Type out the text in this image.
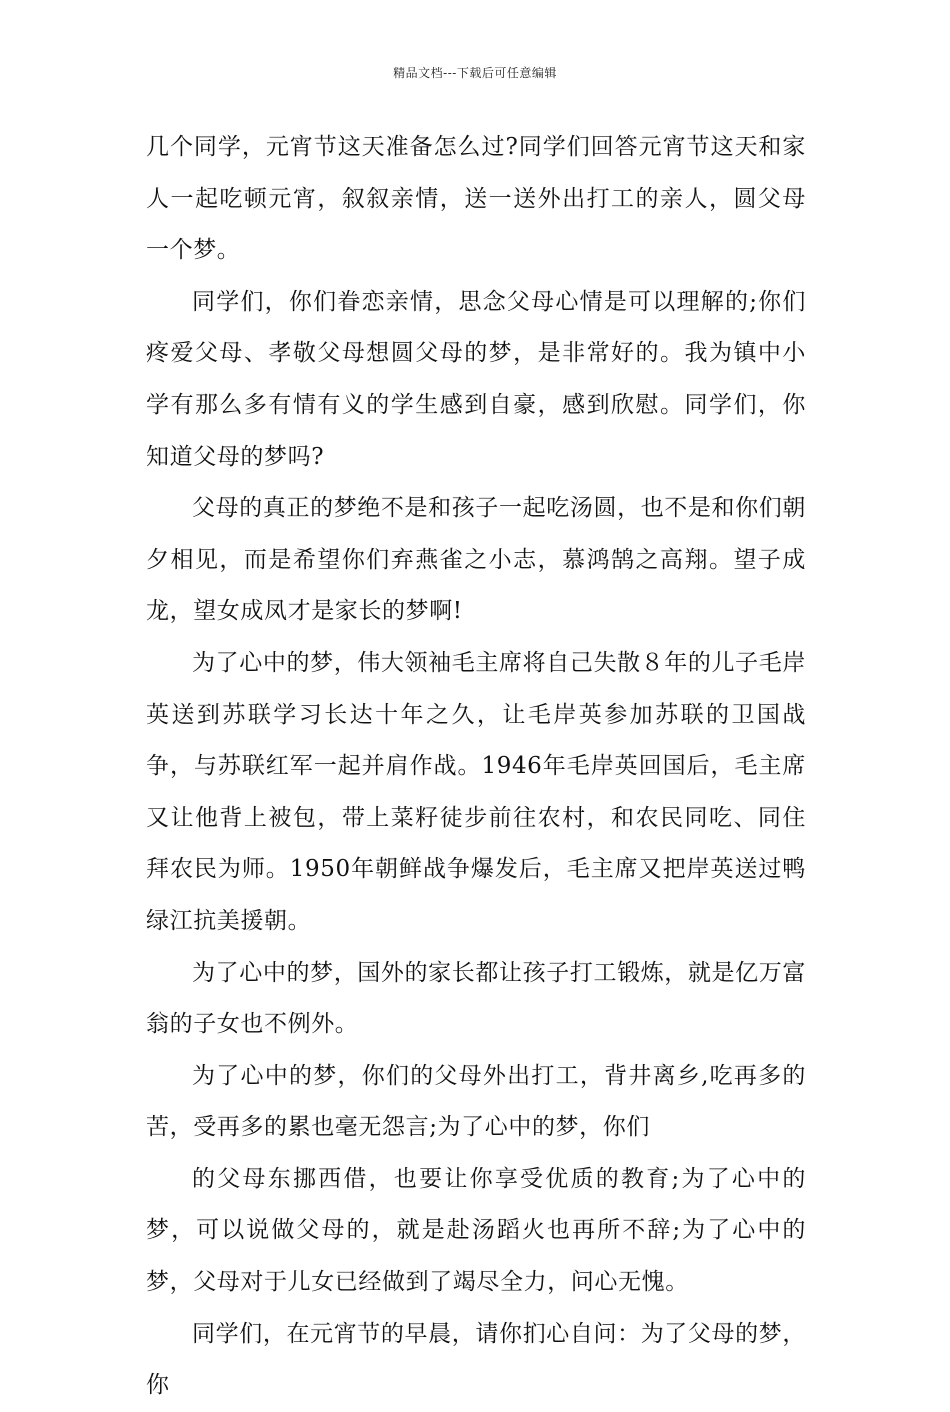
精品文档---下载后可任意编辑

几个同学，元宵节这天准备怎么过?同学们回答元宵节这天和家人一起吃顿元宵，叙叙亲情，送一送外出打工的亲人，圆父母一个梦。

同学们，你们眷恋亲情，思念父母心情是可以理解的;你们疼爱父母、孝敬父母想圆父母的梦，是非常好的。我为镇中小学有那么多有情有义的学生感到自豪，感到欣慰。同学们，你知道父母的梦吗?

父母的真正的梦绝不是和孩子一起吃汤圆，也不是和你们朝夕相见，而是希望你们弃燕雀之小志，慕鸿鹄之高翔。望子成龙，望女成凤才是家长的梦啊!

为了心中的梦，伟大领袖毛主席将自己失散８年的儿子毛岸英送到苏联学习长达十年之久，让毛岸英参加苏联的卫国战争，与苏联红军一起并肩作战。1946年毛岸英回国后，毛主席又让他背上被包，带上菜籽徒步前往农村，和农民同吃、同住拜农民为师。1950年朝鲜战争爆发后，毛主席又把岸英送过鸭绿江抗美援朝。

为了心中的梦，国外的家长都让孩子打工锻炼，就是亿万富翁的子女也不例外。

为了心中的梦，你们的父母外出打工，背井离乡,吃再多的苦，受再多的累也毫无怨言;为了心中的梦，你们

的父母东挪西借，也要让你享受优质的教育;为了心中的梦，可以说做父母的，就是赴汤蹈火也再所不辞;为了心中的梦，父母对于儿女已经做到了竭尽全力，问心无愧。

同学们，在元宵节的早晨，请你扪心自问：为了父母的梦，你
